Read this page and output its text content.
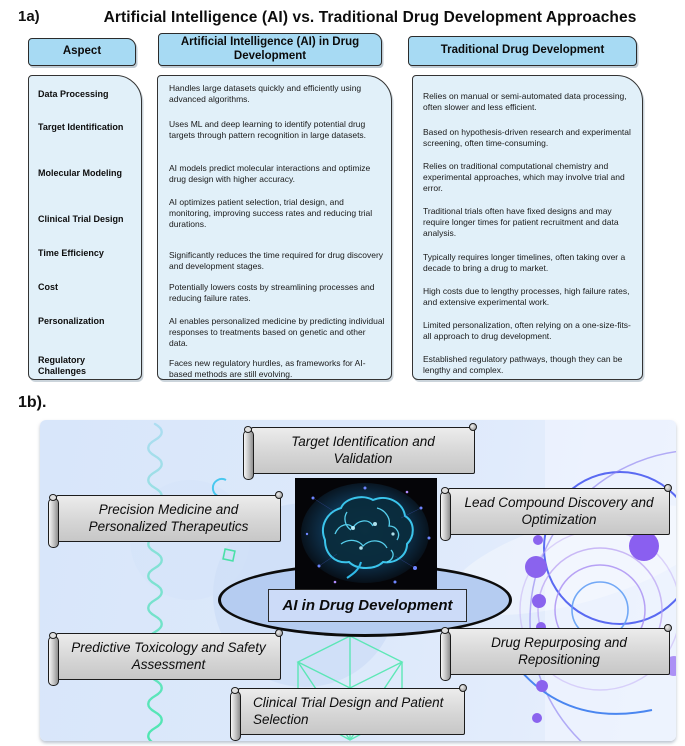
1a)	Artificial Intelligence (AI) vs. Traditional Drug Development Approaches
Aspect
Artificial Intelligence (AI) in Drug Development	Traditional Drug Development
Data Processing
Target Identification
Molecular Modeling
Clinical Trial Design
Time Efficiency
Cost
Personalization
Regulatory Challenges
Handles large datasets quickly and efficiently using advanced algorithms.
Uses ML and deep learning to identify potential drug targets through pattern recognition in large datasets.
AI models predict molecular interactions and optimize drug design with higher accuracy.
AI optimizes patient selection, trial design, and monitoring, improving success rates and reducing trial durations.
Significantly reduces the time required for drug discovery and development stages.
Potentially lowers costs by streamlining processes and reducing failure rates.
AI enables personalized medicine by predicting individual responses to treatments based on genetic and other data.
Faces new regulatory hurdles, as frameworks for AI-based methods are still evolving.
Relies on manual or semi-automated data processing, often slower and less efficient.
Based on hypothesis-driven research and experimental screening, often time-consuming.
Relies on traditional computational chemistry and experimental approaches, which may involve trial and error.
Traditional trials often have fixed designs and may require longer times for patient recruitment and data analysis.
Typically requires longer timelines, often taking over a decade to bring a drug to market.
High costs due to lengthy processes, high failure rates, and extensive experimental work.
Limited personalization, often relying on a one-size-fits-all approach to drug development.
Established regulatory pathways, though they can be lengthy and complex.
1b).
AI in Drug Development
Target Identification and Validation
Precision Medicine and Personalized Therapeutics
Lead Compound Discovery and Optimization
Predictive Toxicology and Safety Assessment
Drug Repurposing and Repositioning
Clinical Trial Design and Patient Selection
